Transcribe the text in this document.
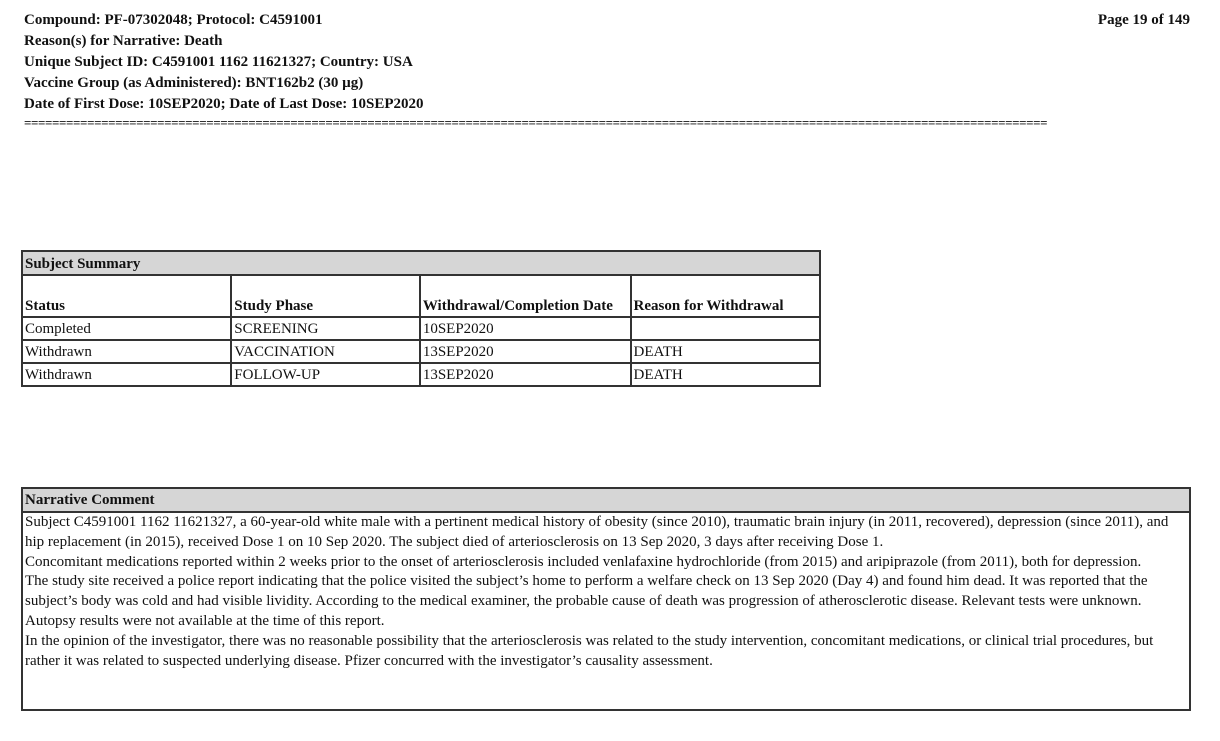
Compound: PF-07302048; Protocol: C4591001
Reason(s) for Narrative: Death
Unique Subject ID: C4591001 1162 11621327; Country: USA
Vaccine Group (as Administered): BNT162b2 (30 µg)
Date of First Dose: 10SEP2020; Date of Last Dose: 10SEP2020
Page 19 of 149
==================================================================================================================================================
Subject Summary			
Status	Study Phase	Withdrawal/Completion Date	Reason for Withdrawal
Completed	SCREENING	10SEP2020	
Withdrawn	VACCINATION	13SEP2020	DEATH
Withdrawn	FOLLOW-UP	13SEP2020	DEATH
Narrative Comment

Subject C4591001 1162 11621327, a 60-year-old white male with a pertinent medical history of obesity (since 2010), traumatic brain injury (in 2011, recovered), depression (since 2011), and hip replacement (in 2015), received Dose 1 on 10 Sep 2020. The subject died of arteriosclerosis on 13 Sep 2020, 3 days after receiving Dose 1.

Concomitant medications reported within 2 weeks prior to the onset of arteriosclerosis included venlafaxine hydrochloride (from 2015) and aripiprazole (from 2011), both for depression.

The study site received a police report indicating that the police visited the subject’s home to perform a welfare check on 13 Sep 2020 (Day 4) and found him dead. It was reported that the subject’s body was cold and had visible lividity. According to the medical examiner, the probable cause of death was progression of atherosclerotic disease. Relevant tests were unknown. Autopsy results were not available at the time of this report.

In the opinion of the investigator, there was no reasonable possibility that the arteriosclerosis was related to the study intervention, concomitant medications, or clinical trial procedures, but rather it was related to suspected underlying disease. Pfizer concurred with the investigator’s causality assessment.
